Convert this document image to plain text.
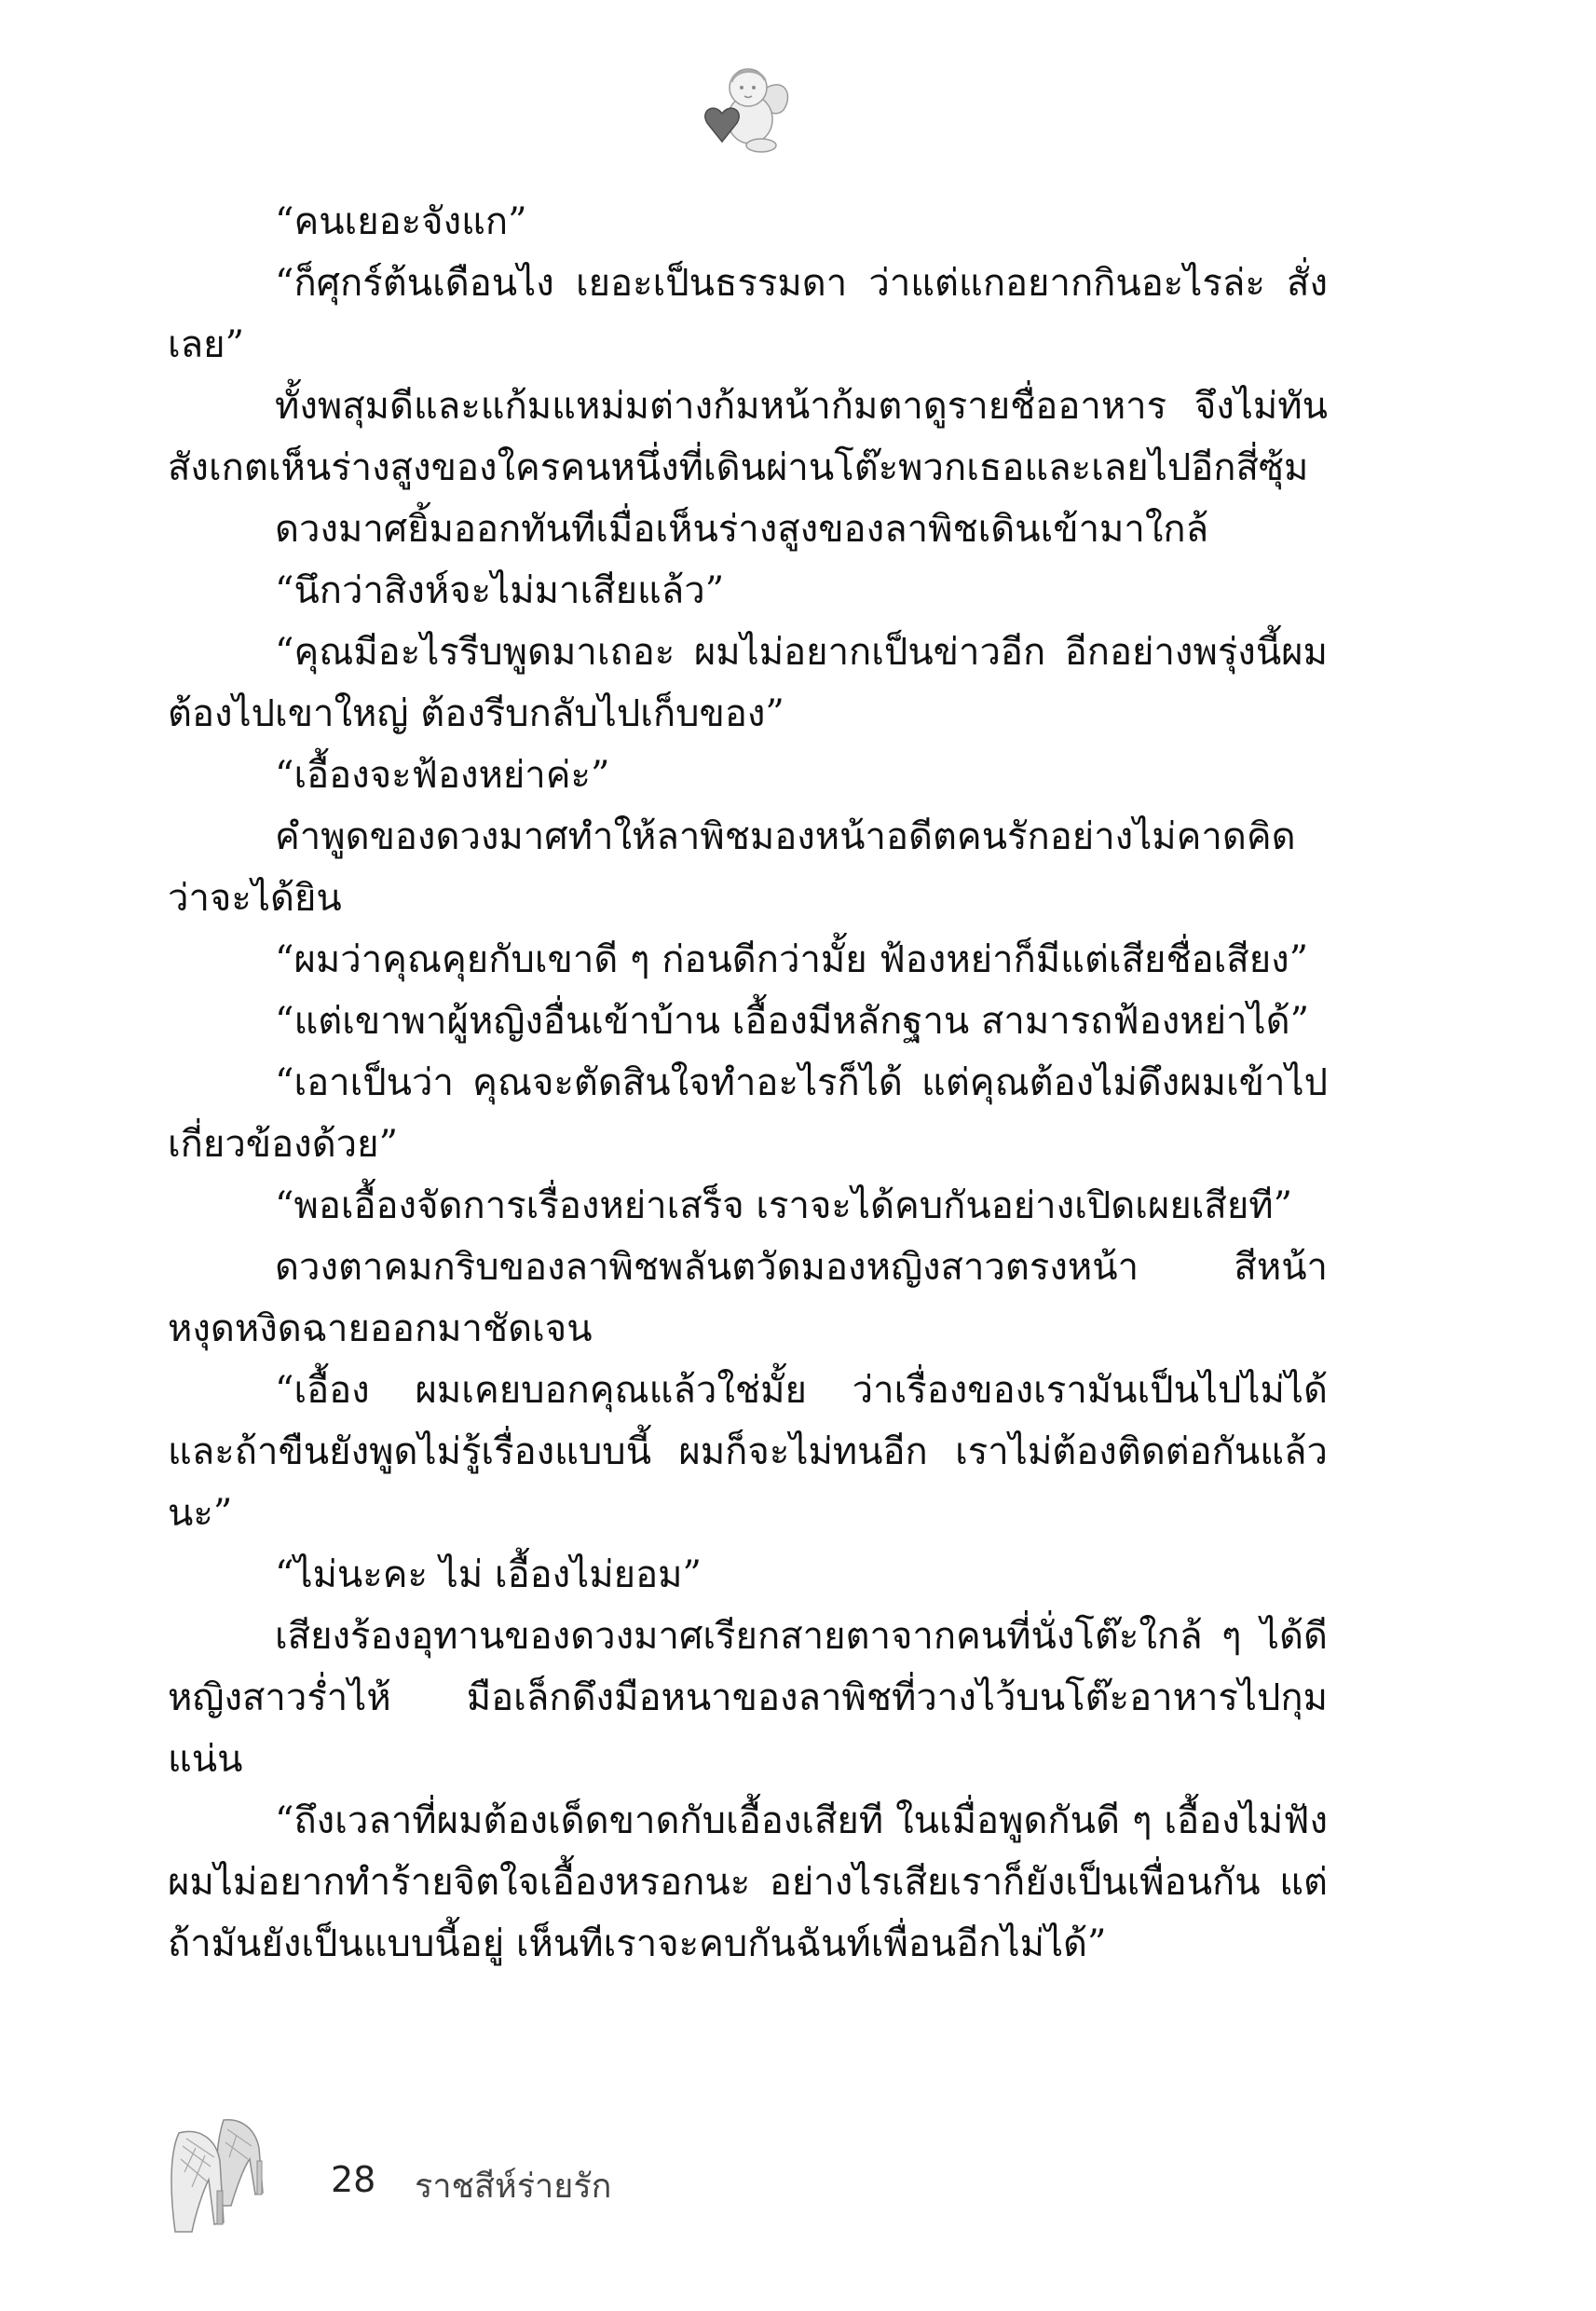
“คนเยอะจังแก”

“ก็ศุกร์ต้นเดือนไง เยอะเป็นธรรมดา ว่าแต่แกอยากกินอะไรล่ะ สั่งเลย”

ทั้งพสุมดีและแก้มแหม่มต่างก้มหน้าก้มตาดูรายชื่ออาหาร จึงไม่ทันสังเกตเห็นร่างสูงของใครคนหนึ่งที่เดินผ่านโต๊ะพวกเธอและเลยไปอีกสี่ซุ้ม

ดวงมาศยิ้มออกทันทีเมื่อเห็นร่างสูงของลาพิชเดินเข้ามาใกล้

“นึกว่าสิงห์จะไม่มาเสียแล้ว”

“คุณมีอะไรรีบพูดมาเถอะ ผมไม่อยากเป็นข่าวอีก อีกอย่างพรุ่งนี้ผมต้องไปเขาใหญ่ ต้องรีบกลับไปเก็บของ”

“เอื้องจะฟ้องหย่าค่ะ”

คำพูดของดวงมาศทำให้ลาพิชมองหน้าอดีตคนรักอย่างไม่คาดคิดว่าจะได้ยิน

“ผมว่าคุณคุยกับเขาดี ๆ ก่อนดีกว่ามั้ย ฟ้องหย่าก็มีแต่เสียชื่อเสียง”

“แต่เขาพาผู้หญิงอื่นเข้าบ้าน เอื้องมีหลักฐาน สามารถฟ้องหย่าได้”

“เอาเป็นว่า คุณจะตัดสินใจทำอะไรก็ได้ แต่คุณต้องไม่ดึงผมเข้าไปเกี่ยวข้องด้วย”

“พอเอื้องจัดการเรื่องหย่าเสร็จ เราจะได้คบกันอย่างเปิดเผยเสียที”

ดวงตาคมกริบของลาพิชพลันตวัดมองหญิงสาวตรงหน้า สีหน้าหงุดหงิดฉายออกมาชัดเจน

“เอื้อง ผมเคยบอกคุณแล้วใช่มั้ย ว่าเรื่องของเรามันเป็นไปไม่ได้ และถ้าขืนยังพูดไม่รู้เรื่องแบบนี้ ผมก็จะไม่ทนอีก เราไม่ต้องติดต่อกันแล้วนะ”

“ไม่นะคะ ไม่ เอื้องไม่ยอม”

เสียงร้องอุทานของดวงมาศเรียกสายตาจากคนที่นั่งโต๊ะใกล้ ๆ ได้ดี หญิงสาวร่ำไห้ มือเล็กดึงมือหนาของลาพิชที่วางไว้บนโต๊ะอาหารไปกุมแน่น

“ถึงเวลาที่ผมต้องเด็ดขาดกับเอื้องเสียที ในเมื่อพูดกันดี ๆ เอื้องไม่ฟัง ผมไม่อยากทำร้ายจิตใจเอื้องหรอกนะ อย่างไรเสียเราก็ยังเป็นเพื่อนกัน แต่ถ้ามันยังเป็นแบบนี้อยู่ เห็นทีเราจะคบกันฉันท์เพื่อนอีกไม่ได้”

28 ราชสีห์ร่ายรัก
